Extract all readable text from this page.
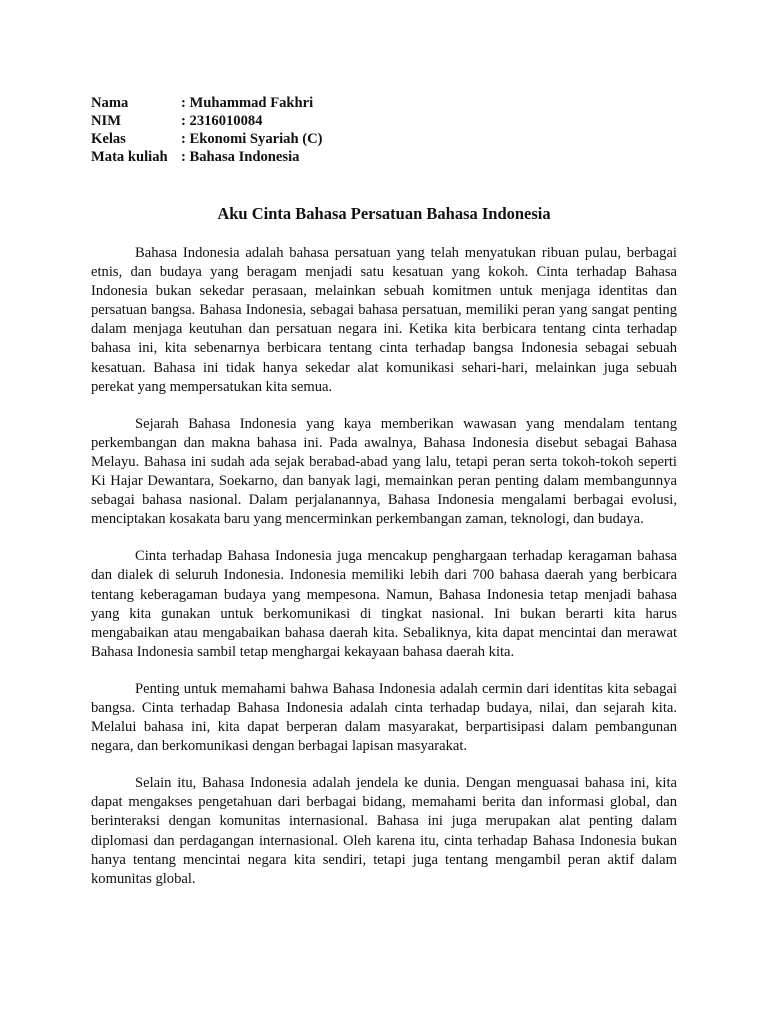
Nama	: Muhammad Fakhri
NIM	: 2316010084
Kelas	: Ekonomi Syariah (C)
Mata kuliah	: Bahasa Indonesia
Aku Cinta Bahasa Persatuan Bahasa Indonesia

Bahasa Indonesia adalah bahasa persatuan yang telah menyatukan ribuan pulau, berbagai etnis, dan budaya yang beragam menjadi satu kesatuan yang kokoh. Cinta terhadap Bahasa Indonesia bukan sekedar perasaan, melainkan sebuah komitmen untuk menjaga identitas dan persatuan bangsa. Bahasa Indonesia, sebagai bahasa persatuan, memiliki peran yang sangat penting dalam menjaga keutuhan dan persatuan negara ini. Ketika kita berbicara tentang cinta terhadap bahasa ini, kita sebenarnya berbicara tentang cinta terhadap bangsa Indonesia sebagai sebuah kesatuan. Bahasa ini tidak hanya sekedar alat komunikasi sehari-hari, melainkan juga sebuah perekat yang mempersatukan kita semua.

Sejarah Bahasa Indonesia yang kaya memberikan wawasan yang mendalam tentang perkembangan dan makna bahasa ini. Pada awalnya, Bahasa Indonesia disebut sebagai Bahasa Melayu. Bahasa ini sudah ada sejak berabad-abad yang lalu, tetapi peran serta tokoh-tokoh seperti Ki Hajar Dewantara, Soekarno, dan banyak lagi, memainkan peran penting dalam membangunnya sebagai bahasa nasional. Dalam perjalanannya, Bahasa Indonesia mengalami berbagai evolusi, menciptakan kosakata baru yang mencerminkan perkembangan zaman, teknologi, dan budaya.

Cinta terhadap Bahasa Indonesia juga mencakup penghargaan terhadap keragaman bahasa dan dialek di seluruh Indonesia. Indonesia memiliki lebih dari 700 bahasa daerah yang berbicara tentang keberagaman budaya yang mempesona. Namun, Bahasa Indonesia tetap menjadi bahasa yang kita gunakan untuk berkomunikasi di tingkat nasional. Ini bukan berarti kita harus mengabaikan atau mengabaikan bahasa daerah kita. Sebaliknya, kita dapat mencintai dan merawat Bahasa Indonesia sambil tetap menghargai kekayaan bahasa daerah kita.

Penting untuk memahami bahwa Bahasa Indonesia adalah cermin dari identitas kita sebagai bangsa. Cinta terhadap Bahasa Indonesia adalah cinta terhadap budaya, nilai, dan sejarah kita. Melalui bahasa ini, kita dapat berperan dalam masyarakat, berpartisipasi dalam pembangunan negara, dan berkomunikasi dengan berbagai lapisan masyarakat.

Selain itu, Bahasa Indonesia adalah jendela ke dunia. Dengan menguasai bahasa ini, kita dapat mengakses pengetahuan dari berbagai bidang, memahami berita dan informasi global, dan berinteraksi dengan komunitas internasional. Bahasa ini juga merupakan alat penting dalam diplomasi dan perdagangan internasional. Oleh karena itu, cinta terhadap Bahasa Indonesia bukan hanya tentang mencintai negara kita sendiri, tetapi juga tentang mengambil peran aktif dalam komunitas global.
